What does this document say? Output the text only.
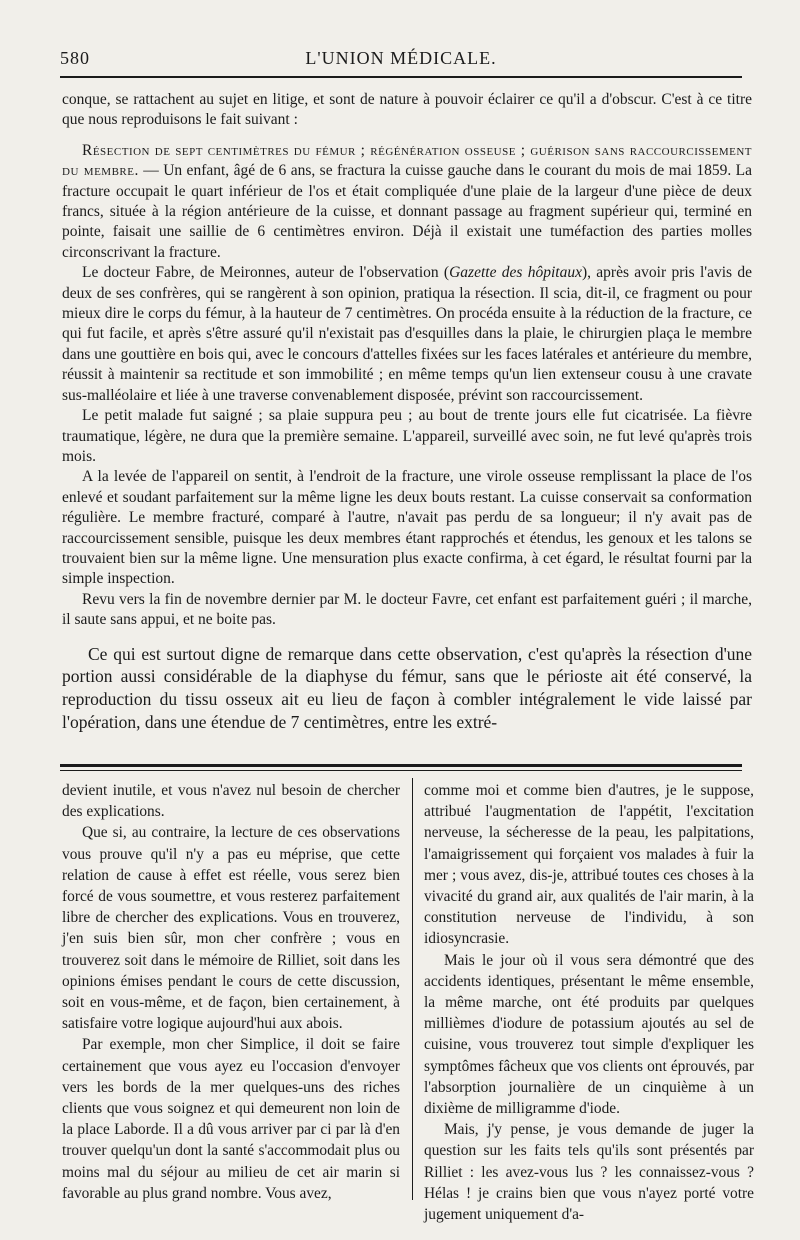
580	L'UNION MÉDICALE.

conque, se rattachent au sujet en litige, et sont de nature à pouvoir éclairer ce qu'il a d'obscur. C'est à ce titre que nous reproduisons le fait suivant :

Résection de sept centimètres du fémur ; régénération osseuse ; guérison sans raccourcissement du membre. — Un enfant, âgé de 6 ans, se fractura la cuisse gauche dans le courant du mois de mai 1859. La fracture occupait le quart inférieur de l'os et était compliquée d'une plaie de la largeur d'une pièce de deux francs, située à la région antérieure de la cuisse, et donnant passage au fragment supérieur qui, terminé en pointe, faisait une saillie de 6 centimètres environ. Déjà il existait une tuméfaction des parties molles circonscrivant la fracture.

Le docteur Fabre, de Meironnes, auteur de l'observation (Gazette des hôpitaux), après avoir pris l'avis de deux de ses confrères, qui se rangèrent à son opinion, pratiqua la résection. Il scia, dit-il, ce fragment ou pour mieux dire le corps du fémur, à la hauteur de 7 centimètres. On procéda ensuite à la réduction de la fracture, ce qui fut facile, et après s'être assuré qu'il n'existait pas d'esquilles dans la plaie, le chirurgien plaça le membre dans une gouttière en bois qui, avec le concours d'attelles fixées sur les faces latérales et antérieure du membre, réussit à maintenir sa rectitude et son immobilité ; en même temps qu'un lien extenseur cousu à une cravate sus-malléolaire et liée à une traverse convenablement disposée, prévint son raccourcissement.

Le petit malade fut saigné ; sa plaie suppura peu ; au bout de trente jours elle fut cicatrisée. La fièvre traumatique, légère, ne dura que la première semaine. L'appareil, surveillé avec soin, ne fut levé qu'après trois mois.

A la levée de l'appareil on sentit, à l'endroit de la fracture, une virole osseuse remplissant la place de l'os enlevé et soudant parfaitement sur la même ligne les deux bouts restant. La cuisse conservait sa conformation régulière. Le membre fracturé, comparé à l'autre, n'avait pas perdu de sa longueur; il n'y avait pas de raccourcissement sensible, puisque les deux membres étant rapprochés et étendus, les genoux et les talons se trouvaient bien sur la même ligne. Une mensuration plus exacte confirma, à cet égard, le résultat fourni par la simple inspection.

Revu vers la fin de novembre dernier par M. le docteur Favre, cet enfant est parfaitement guéri ; il marche, il saute sans appui, et ne boite pas.

Ce qui est surtout digne de remarque dans cette observation, c'est qu'après la résection d'une portion aussi considérable de la diaphyse du fémur, sans que le périoste ait été conservé, la reproduction du tissu osseux ait eu lieu de façon à combler intégralement le vide laissé par l'opération, dans une étendue de 7 centimètres, entre les extré-

devient inutile, et vous n'avez nul besoin de chercher des explications.

Que si, au contraire, la lecture de ces observations vous prouve qu'il n'y a pas eu méprise, que cette relation de cause à effet est réelle, vous serez bien forcé de vous soumettre, et vous resterez parfaitement libre de chercher des explications. Vous en trouverez, j'en suis bien sûr, mon cher confrère ; vous en trouverez soit dans le mémoire de Rilliet, soit dans les opinions émises pendant le cours de cette discussion, soit en vous-même, et de façon, bien certainement, à satisfaire votre logique aujourd'hui aux abois.

Par exemple, mon cher Simplice, il doit se faire certainement que vous ayez eu l'occasion d'envoyer vers les bords de la mer quelques-uns des riches clients que vous soignez et qui demeurent non loin de la place Laborde. Il a dû vous arriver par ci par là d'en trouver quelqu'un dont la santé s'accommodait plus ou moins mal du séjour au milieu de cet air marin si favorable au plus grand nombre. Vous avez,

comme moi et comme bien d'autres, je le suppose, attribué l'augmentation de l'appétit, l'excitation nerveuse, la sécheresse de la peau, les palpitations, l'amaigrissement qui forçaient vos malades à fuir la mer ; vous avez, dis-je, attribué toutes ces choses à la vivacité du grand air, aux qualités de l'air marin, à la constitution nerveuse de l'individu, à son idiosyncrasie.

Mais le jour où il vous sera démontré que des accidents identiques, présentant le même ensemble, la même marche, ont été produits par quelques millièmes d'iodure de potassium ajoutés au sel de cuisine, vous trouverez tout simple d'expliquer les symptômes fâcheux que vos clients ont éprouvés, par l'absorption journalière de un cinquième à un dixième de milligramme d'iode.

Mais, j'y pense, je vous demande de juger la question sur les faits tels qu'ils sont présentés par Rilliet : les avez-vous lus ? les connaissez-vous ? Hélas ! je crains bien que vous n'ayez porté votre jugement uniquement d'a-
